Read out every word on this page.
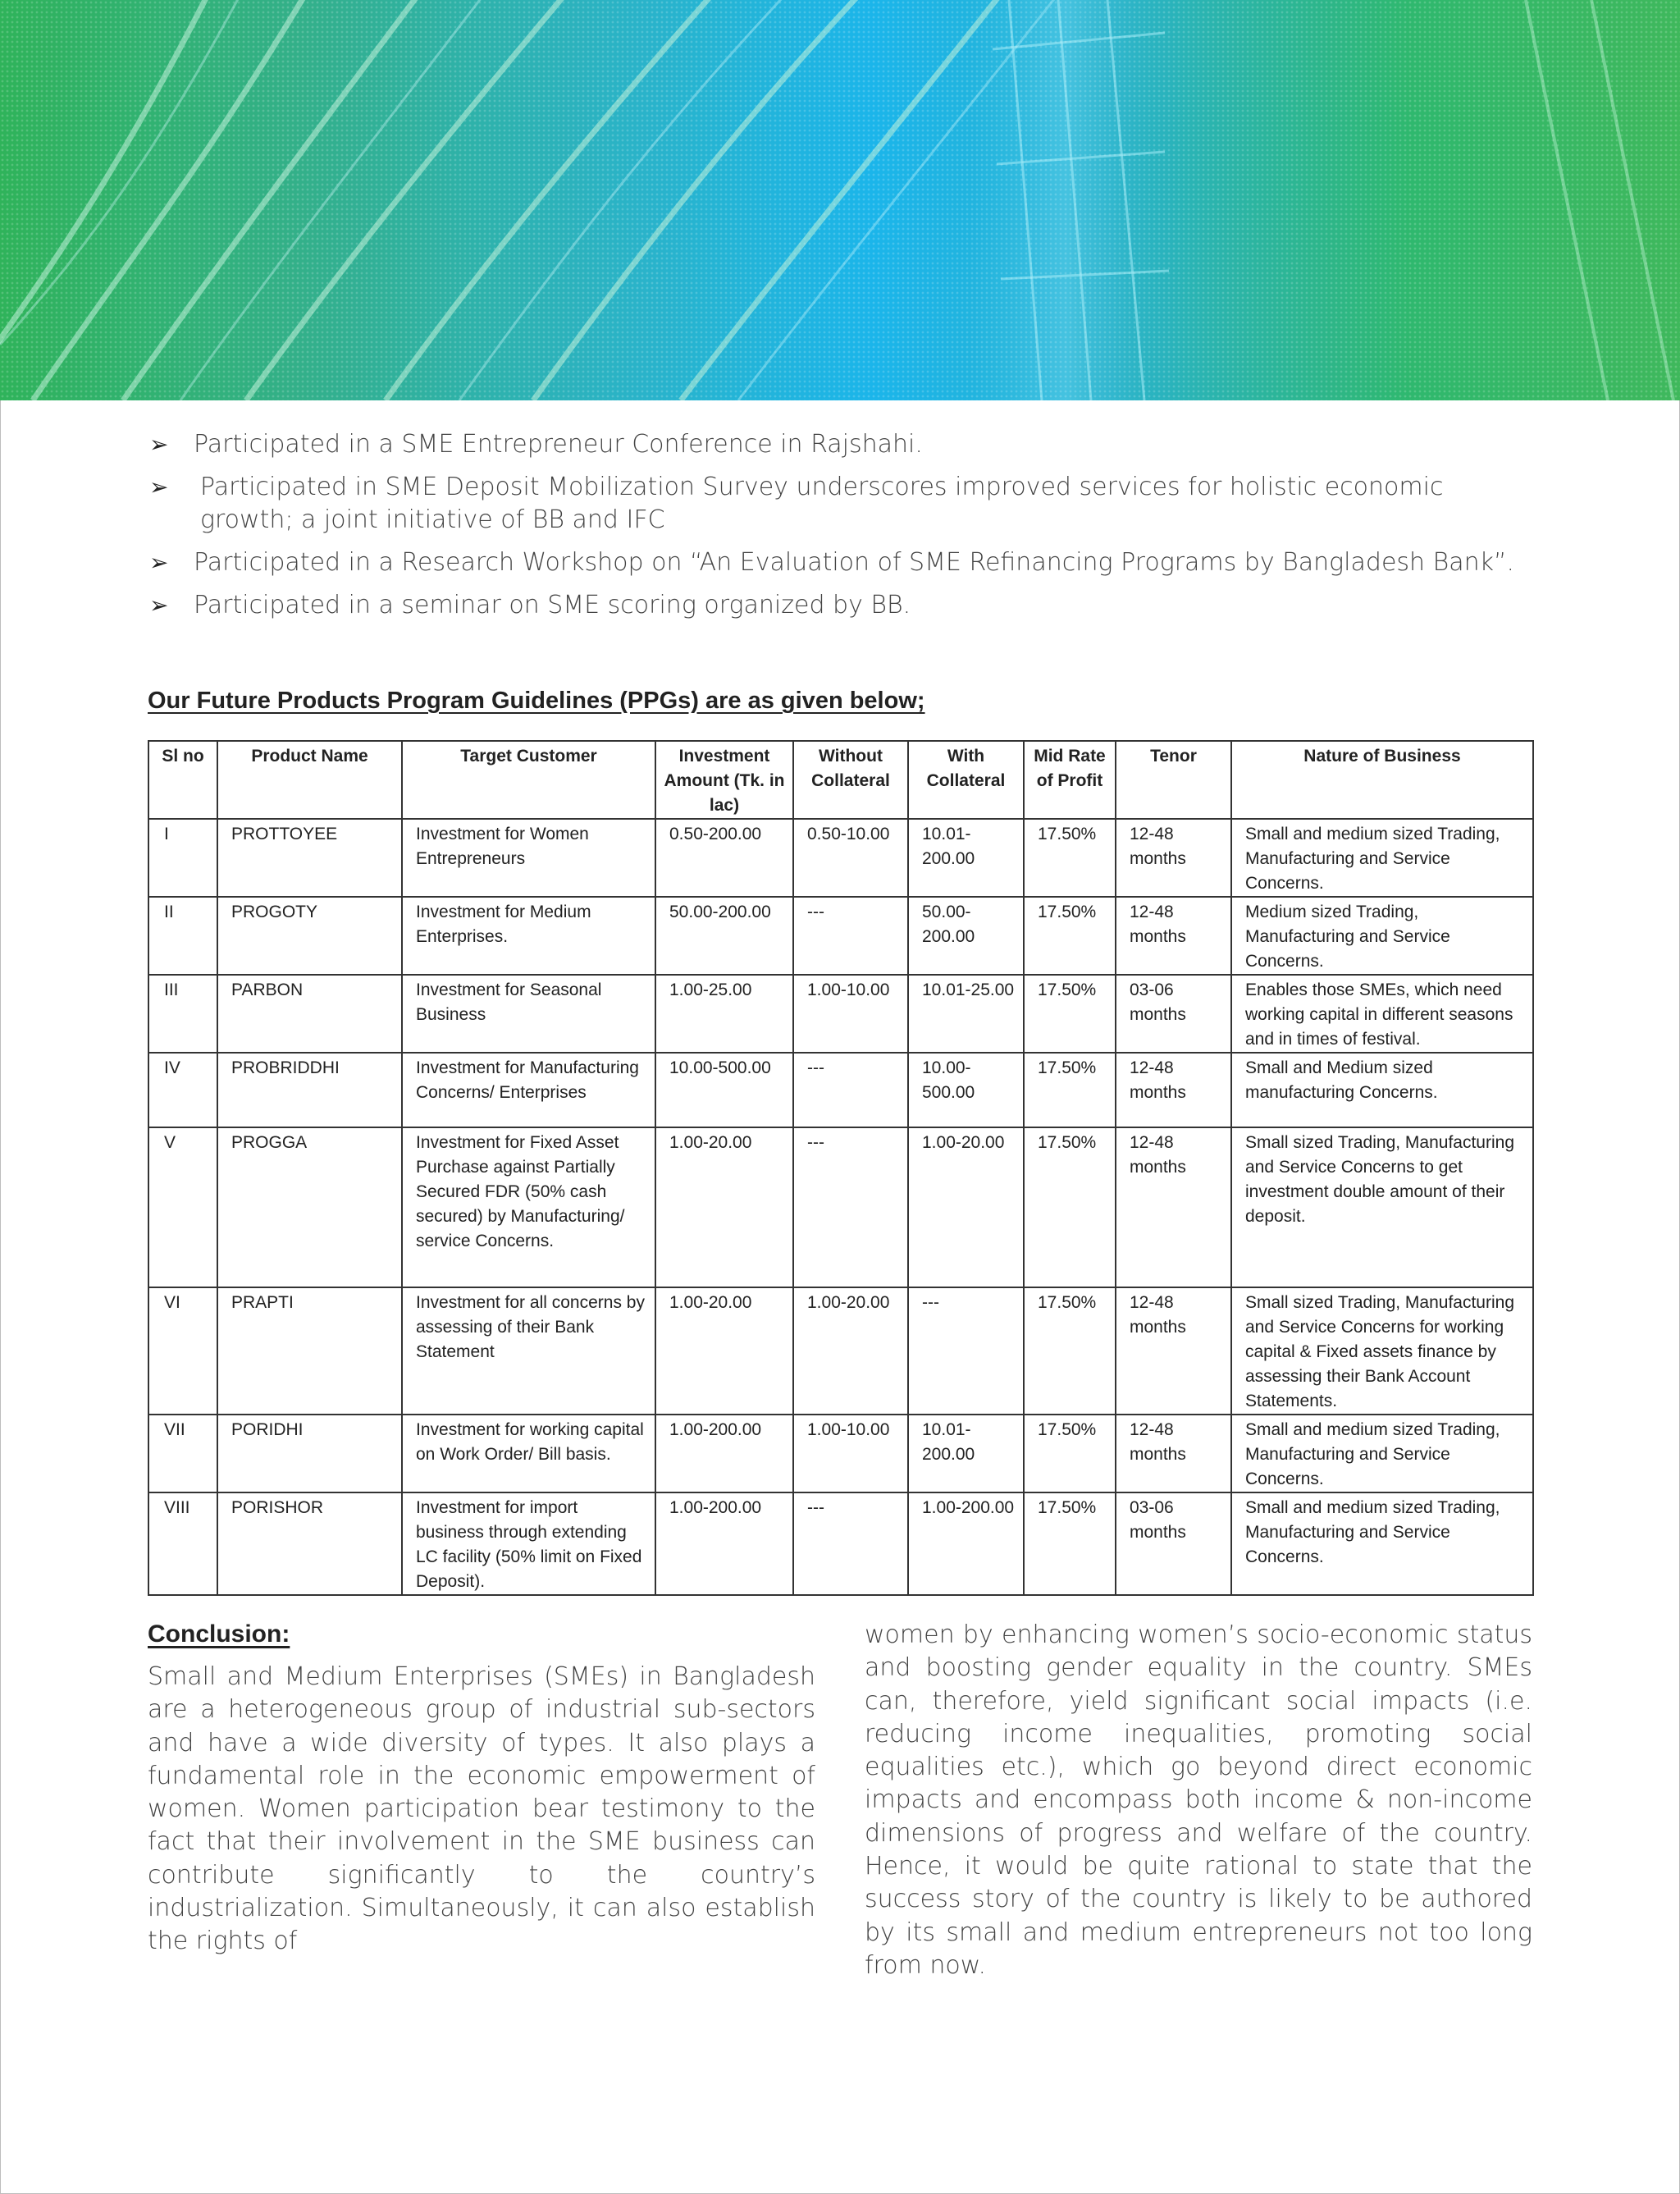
➢ Participated in a SME Entrepreneur Conference in Rajshahi.
➢ Participated in SME Deposit Mobilization Survey underscores improved services for holistic economic growth; a joint initiative of BB and IFC
➢ Participated in a Research Workshop on “An Evaluation of SME Refinancing Programs by Bangladesh Bank”.
➢ Participated in a seminar on SME scoring organized by BB.
Our Future Products Program Guidelines (PPGs) are as given below;
Sl no	Product Name	Target Customer	Investment Amount (Tk. in lac)	Without Collateral	With Collateral	Mid Rate of Profit	Tenor	Nature of Business
I	PROTTOYEE	Investment for Women Entrepreneurs	0.50-200.00	0.50-10.00	10.01-200.00	17.50%	12-48 months	Small and medium sized Trading, Manufacturing and Service Concerns.
II	PROGOTY	Investment for Medium Enterprises.	50.00-200.00	---	50.00-200.00	17.50%	12-48 months	Medium sized Trading, Manufacturing and Service Concerns.
III	PARBON	Investment for Seasonal Business	1.00-25.00	1.00-10.00	10.01-25.00	17.50%	03-06 months	Enables those SMEs, which need working capital in different seasons and in times of festival.
IV	PROBRIDDHI	Investment for Manufacturing Concerns/ Enterprises	10.00-500.00	---	10.00-500.00	17.50%	12-48 months	Small and Medium sized manufacturing Concerns.
V	PROGGA	Investment for Fixed Asset Purchase against Partially Secured FDR (50% cash secured) by Manufacturing/ service Concerns.	1.00-20.00	---	1.00-20.00	17.50%	12-48 months	Small sized Trading, Manufacturing and Service Concerns to get investment double amount of their deposit.
VI	PRAPTI	Investment for all concerns by assessing of their Bank Statement	1.00-20.00	1.00-20.00	---	17.50%	12-48 months	Small sized Trading, Manufacturing and Service Concerns for working capital & Fixed assets finance by assessing their Bank Account Statements.
VII	PORIDHI	Investment for working capital on Work Order/ Bill basis.	1.00-200.00	1.00-10.00	10.01-200.00	17.50%	12-48 months	Small and medium sized Trading, Manufacturing and Service Concerns.
VIII	PORISHOR	Investment for import business through extending LC facility (50% limit on Fixed Deposit).	1.00-200.00	---	1.00-200.00	17.50%	03-06 months	Small and medium sized Trading, Manufacturing and Service Concerns.
Conclusion:

Small and Medium Enterprises (SMEs) in Bangladesh are a heterogeneous group of industrial sub-sectors and have a wide diversity of types. It also plays a fundamental role in the economic empowerment of women. Women participation bear testimony to the fact that their involvement in the SME business can contribute significantly to the country’s industrialization. Simultaneously, it can also establish the rights of

women by enhancing women’s socio-economic status and boosting gender equality in the country. SMEs can, therefore, yield significant social impacts (i.e. reducing income inequalities, promoting social equalities etc.), which go beyond direct economic impacts and encompass both income & non-income dimensions of progress and welfare of the country. Hence, it would be quite rational to state that the success story of the country is likely to be authored by its small and medium entrepreneurs not too long from now.
